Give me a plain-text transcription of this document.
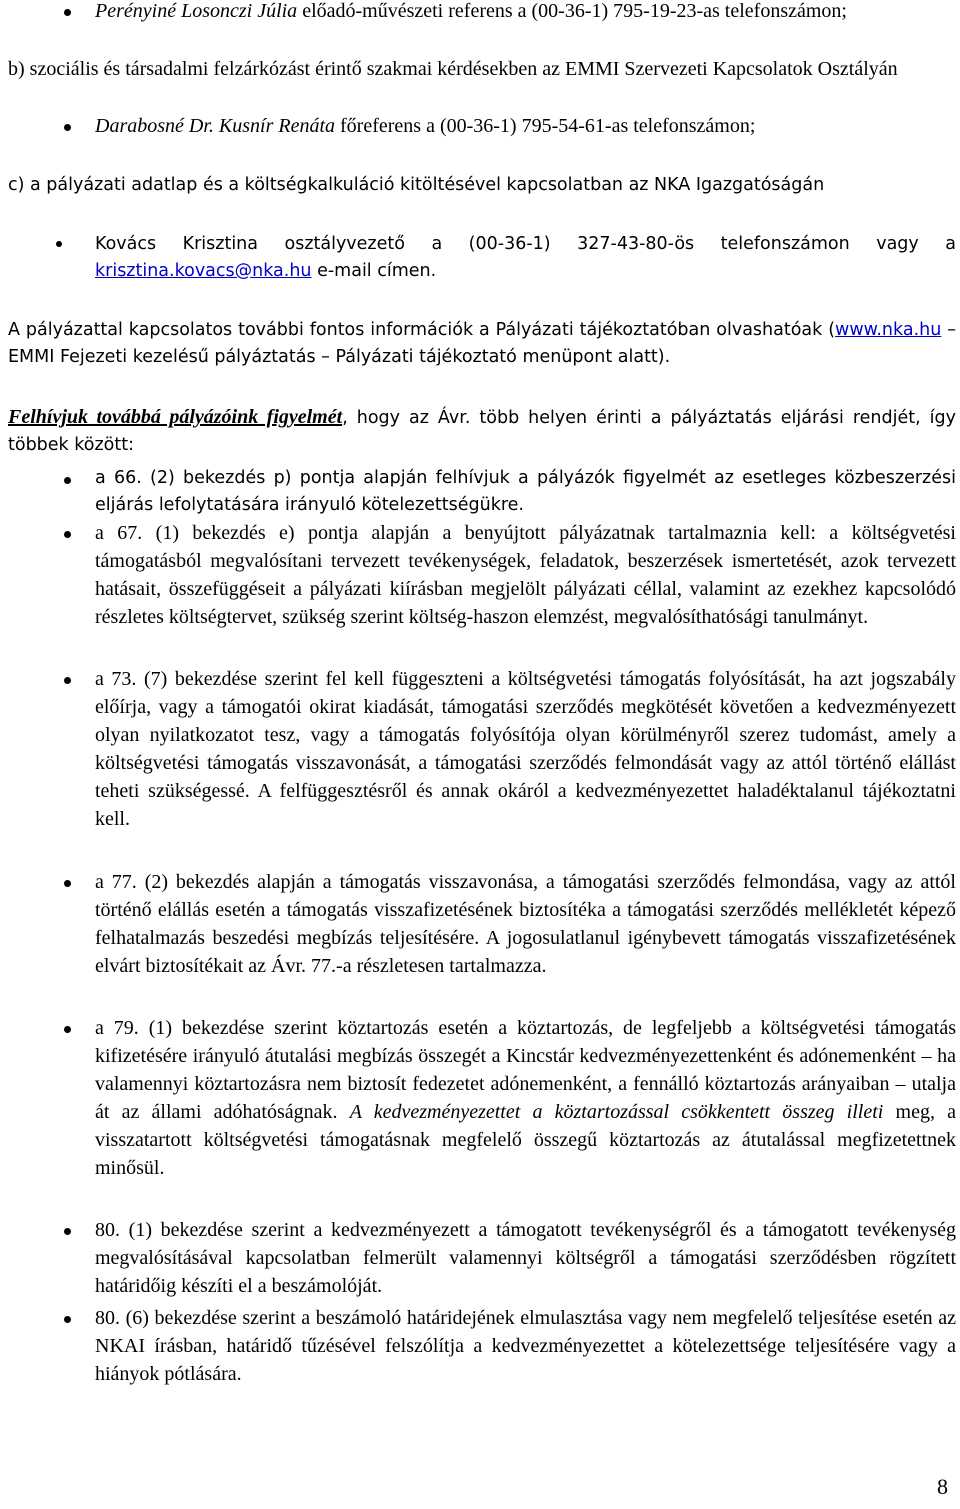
Perényiné Losonczi Júlia előadó-művészeti referens a (00-36-1) 795-19-23-as telefonszámon;
b) szociális és társadalmi felzárkózást érintő szakmai kérdésekben az EMMI Szervezeti Kapcsolatok Osztályán
Darabosné Dr. Kusnír Renáta főreferens a (00-36-1) 795-54-61-as telefonszámon;
c) a pályázati adatlap és a költségkalkuláció kitöltésével kapcsolatban az NKA Igazgatóságán
Kovács Krisztina osztályvezető a (00-36-1) 327-43-80-ös telefonszámon vagy a krisztina.kovacs@nka.hu e-mail címen.
A pályázattal kapcsolatos további fontos információk a Pályázati tájékoztatóban olvashatóak (www.nka.hu – EMMI Fejezeti kezelésű pályáztatás – Pályázati tájékoztató menüpont alatt).
Felhívjuk továbbá pályázóink figyelmét, hogy az Ávr. több helyen érinti a pályáztatás eljárási rendjét, így többek között:
a 66. (2) bekezdés p) pontja alapján felhívjuk a pályázók figyelmét az esetleges közbeszerzési eljárás lefolytatására irányuló kötelezettségükre.
a 67. (1) bekezdés e) pontja alapján a benyújtott pályázatnak tartalmaznia kell: a költségvetési támogatásból megvalósítani tervezett tevékenységek, feladatok, beszerzések ismertetését, azok tervezett hatásait, összefüggéseit a pályázati kiírásban megjelölt pályázati céllal, valamint az ezekhez kapcsolódó részletes költségtervet, szükség szerint költség-haszon elemzést, megvalósíthatósági tanulmányt.
a 73. (7) bekezdése szerint fel kell függeszteni a költségvetési támogatás folyósítását, ha azt jogszabály előírja, vagy a támogatói okirat kiadását, támogatási szerződés megkötését követően a kedvezményezett olyan nyilatkozatot tesz, vagy a támogatás folyósítója olyan körülményről szerez tudomást, amely a költségvetési támogatás visszavonását, a támogatási szerződés felmondását vagy az attól történő elállást teheti szükségessé. A felfüggesztésről és annak okáról a kedvezményezettet haladéktalanul tájékoztatni kell.
a 77. (2) bekezdés alapján a támogatás visszavonása, a támogatási szerződés felmondása, vagy az attól történő elállás esetén a támogatás visszafizetésének biztosítéka a támogatási szerződés mellékletét képező felhatalmazás beszedési megbízás teljesítésére. A jogosulatlanul igénybevett támogatás visszafizetésének elvárt biztosítékait az Ávr. 77.-a részletesen tartalmazza.
a 79. (1) bekezdése szerint köztartozás esetén a köztartozás, de legfeljebb a költségvetési támogatás kifizetésére irányuló átutalási megbízás összegét a Kincstár kedvezményezettenként és adónemenként – ha valamennyi köztartozásra nem biztosít fedezetet adónemenként, a fennálló köztartozás arányaiban – utalja át az állami adóhatóságnak. A kedvezményezettet a köztartozással csökkentett összeg illeti meg, a visszatartott költségvetési támogatásnak megfelelő összegű köztartozás az átutalással megfizetettnek minősül.
80. (1) bekezdése szerint a kedvezményezett a támogatott tevékenységről és a támogatott tevékenység megvalósításával kapcsolatban felmerült valamennyi költségről a támogatási szerződésben rögzített határidőig készíti el a beszámolóját.
80. (6) bekezdése szerint a beszámoló határidejének elmulasztása vagy nem megfelelő teljesítése esetén az NKAI írásban, határidő tűzésével felszólítja a kedvezményezettet a kötelezettsége teljesítésére vagy a hiányok pótlására.
8
